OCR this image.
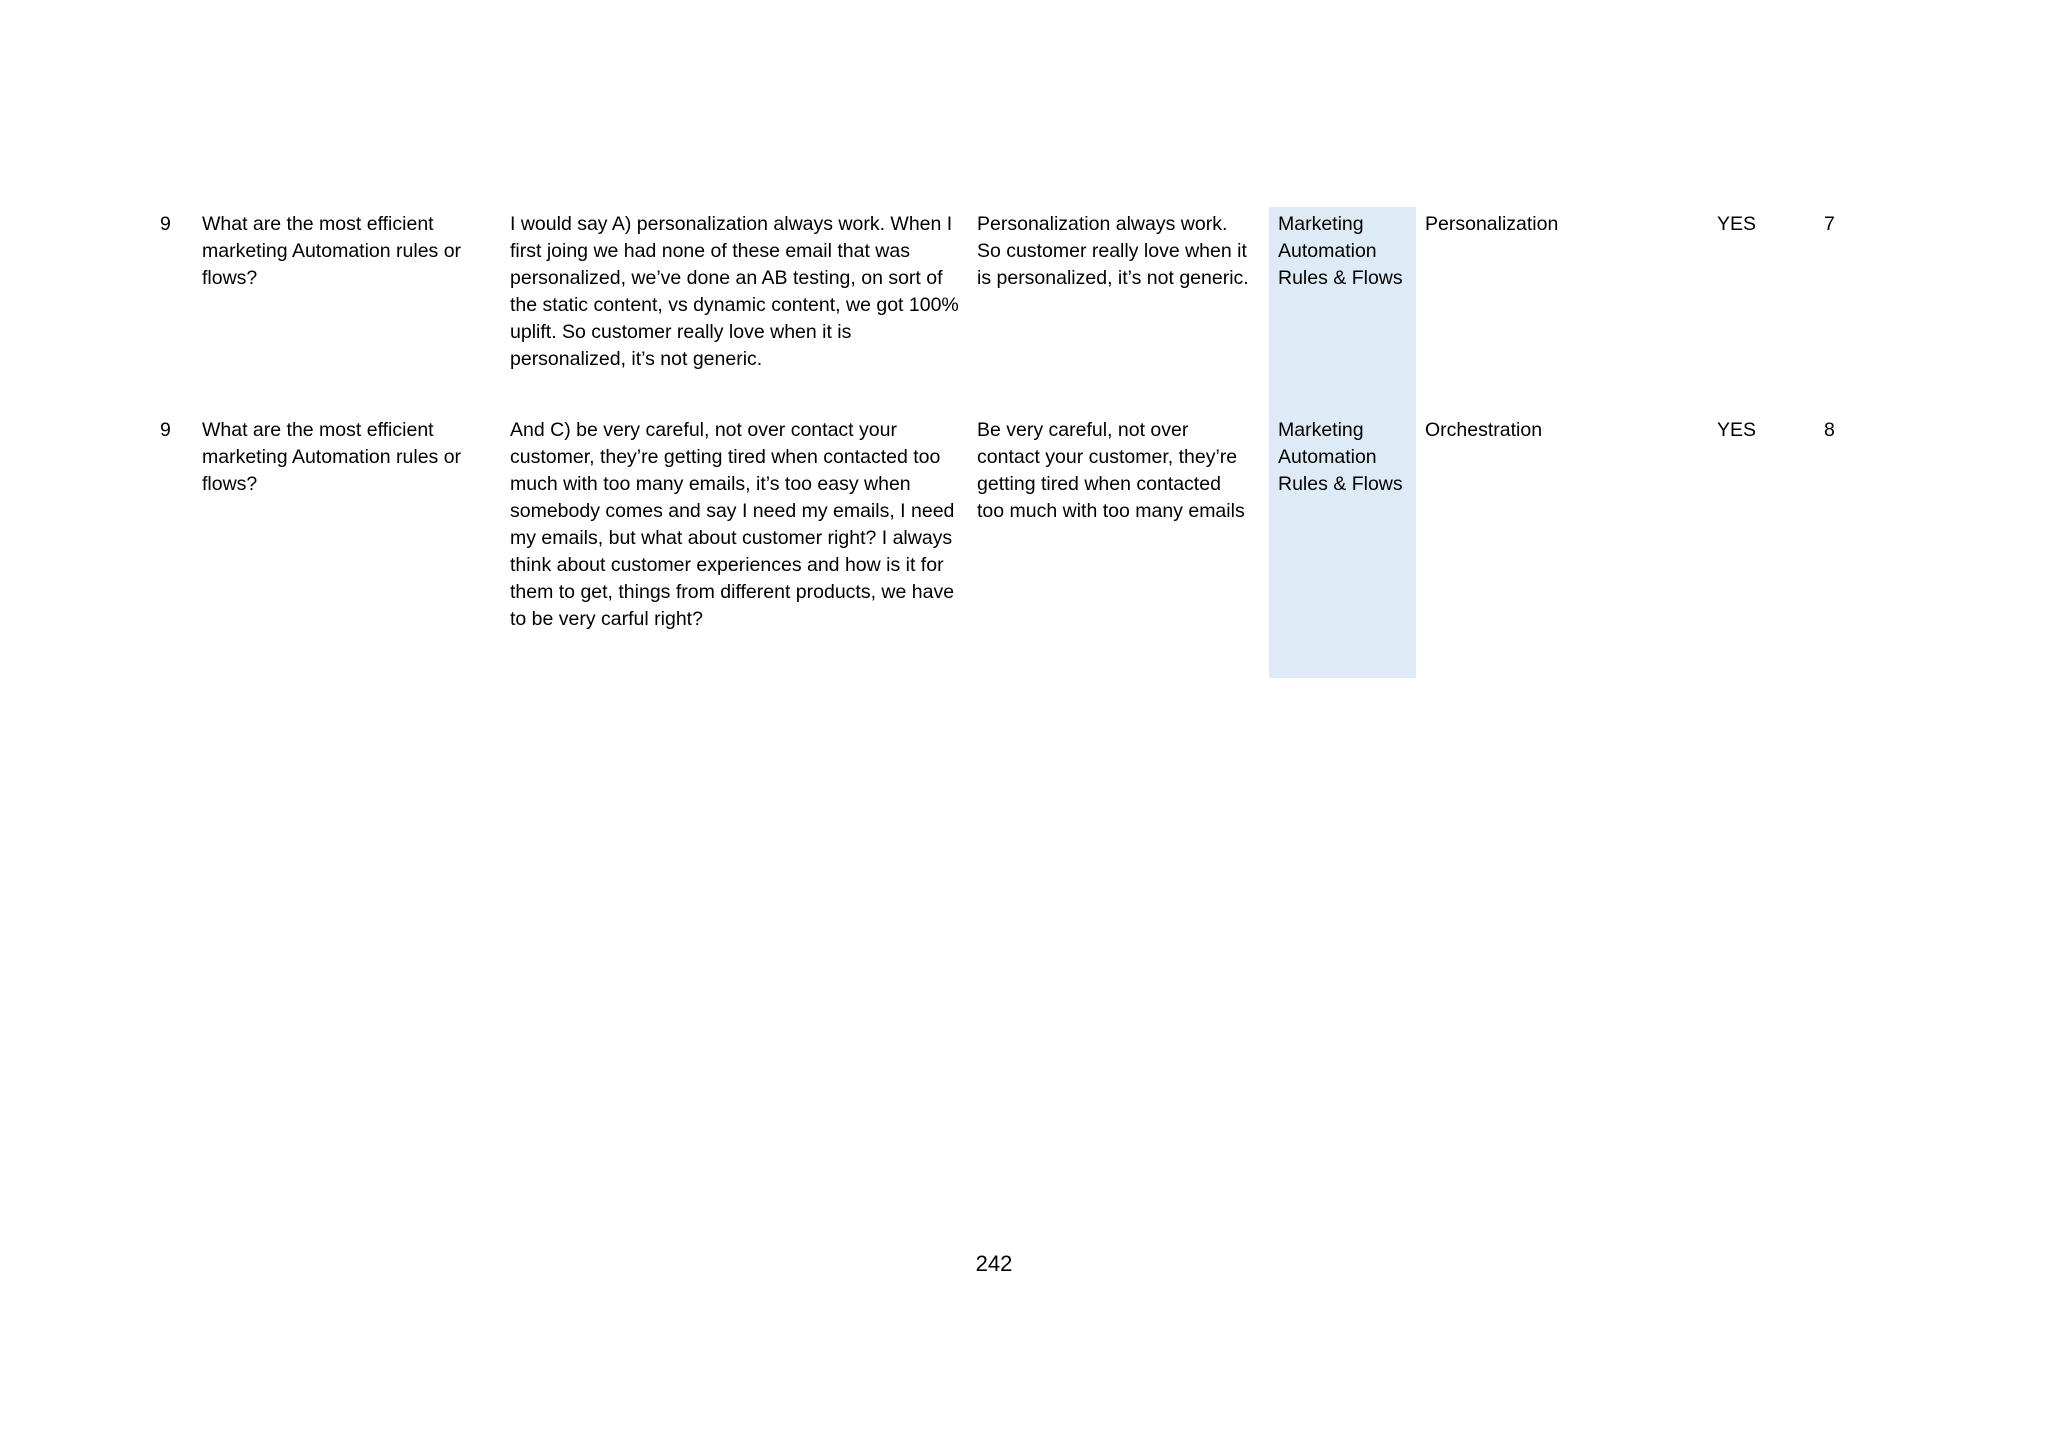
9	What are the most efficient marketing Automation rules or flows?	I would say A) personalization always work. When I first joing we had none of these email that was personalized, we’ve done an AB testing, on sort of the static content, vs dynamic content, we got 100% uplift. So customer really love when it is personalized, it’s not generic.	Personalization always work. So customer really love when it is personalized, it’s not generic.	Marketing Automation Rules & Flows	Personalization	YES	7

9	What are the most efficient marketing Automation rules or flows?	And C) be very careful, not over contact your customer, they’re getting tired when contacted too much with too many emails, it’s too easy when somebody comes and say I need my emails, I need my emails, but what about customer right? I always think about customer experiences and how is it for them to get, things from different products, we have to be very carful right?	Be very careful, not over contact your customer, they’re getting tired when contacted too much with too many emails	Marketing Automation Rules & Flows	Orchestration	YES	8
242
